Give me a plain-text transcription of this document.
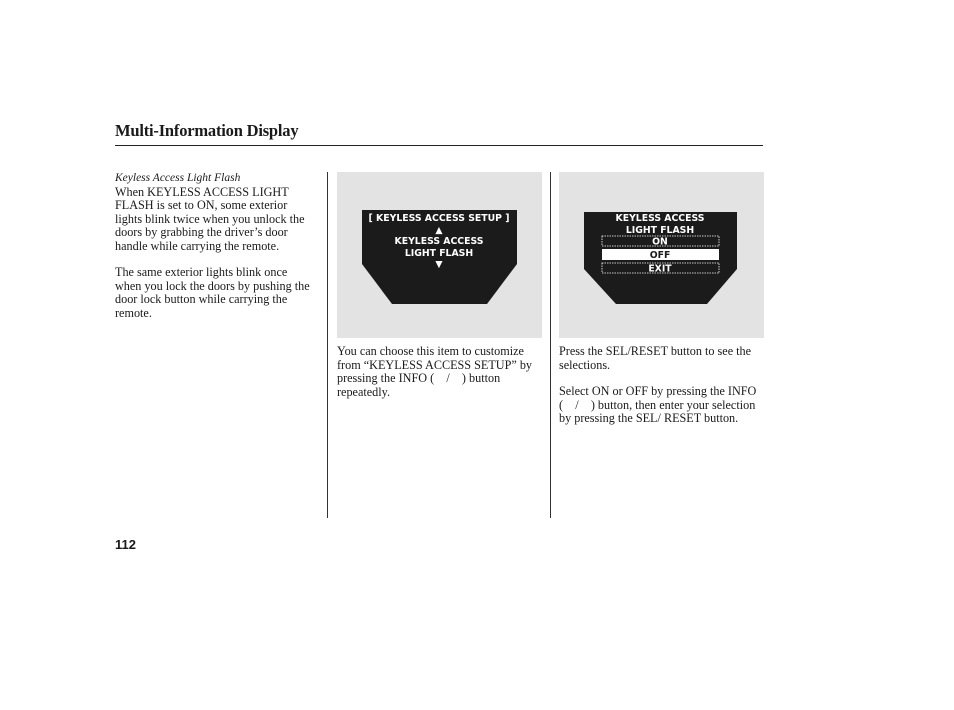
Multi-Information Display
Keyless Access Light Flash

When KEYLESS ACCESS LIGHT FLASH is set to ON, some exterior lights blink twice when you unlock the doors by grabbing the driver’s door handle while carrying the remote.

The same exterior lights blink once when you lock the doors by pushing the door lock button while carrying the remote.

[ KEYLESS ACCESS SETUP ]
▲
KEYLESS ACCESS
LIGHT FLASH
▼
KEYLESS ACCESS
LIGHT FLASH
ON
OFF
EXIT

You can choose this item to customize from “KEYLESS ACCESS SETUP” by pressing the INFO ( / ) button repeatedly.

Press the SEL/RESET button to see the selections.

Select ON or OFF by pressing the INFO ( / ) button, then enter your selection by pressing the SEL/ RESET button.

112
